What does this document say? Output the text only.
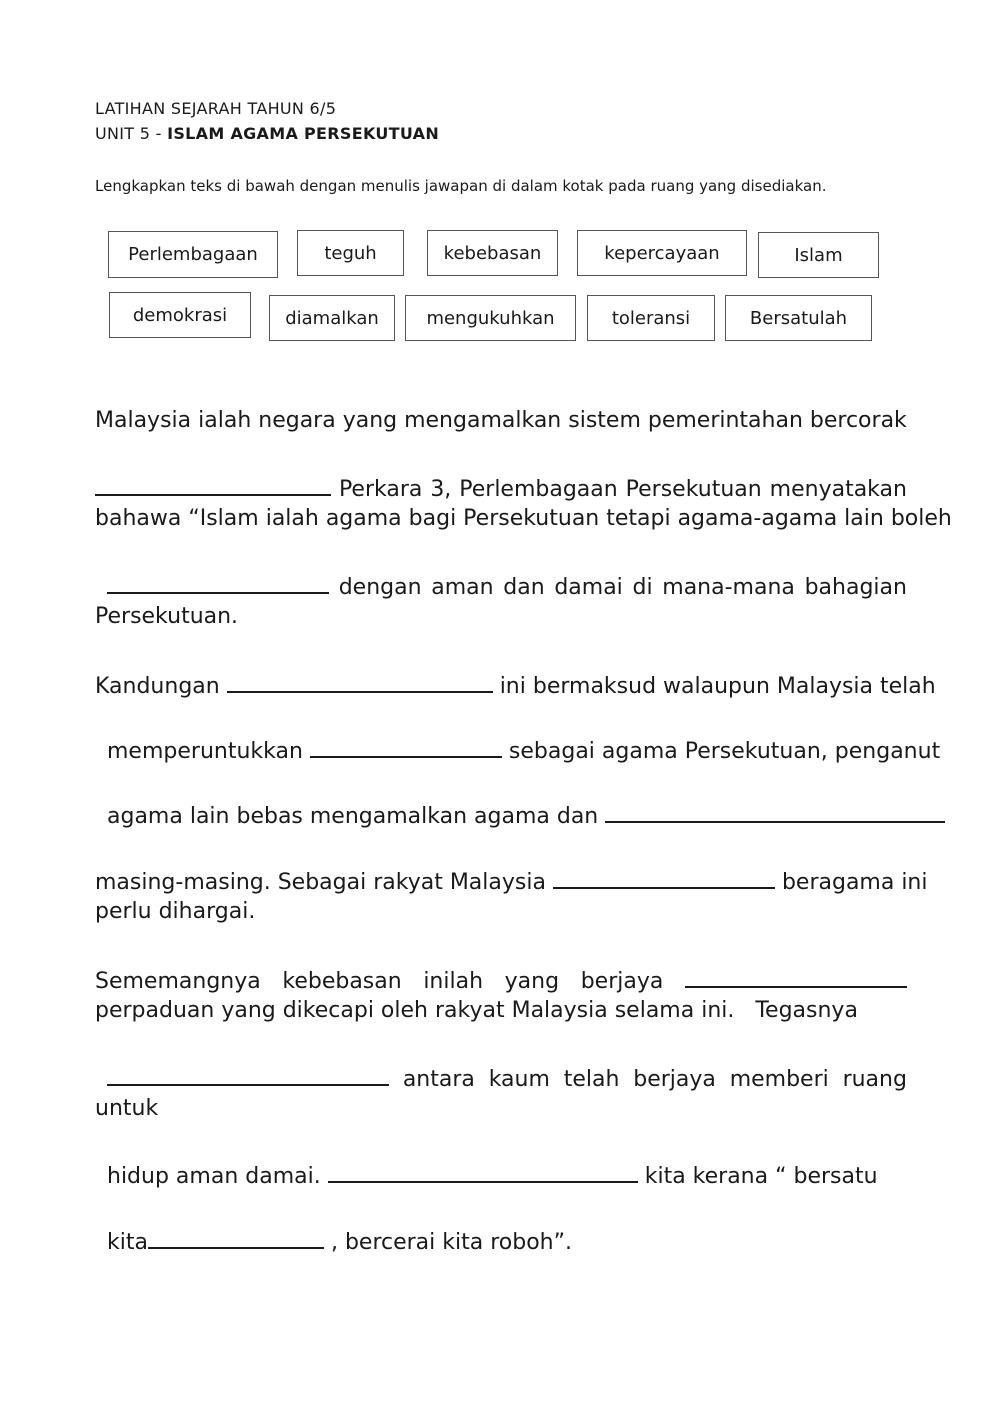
LATIHAN SEJARAH TAHUN 6/5
UNIT 5 - ISLAM AGAMA PERSEKUTUAN
Lengkapkan teks di bawah dengan menulis jawapan di dalam kotak pada ruang yang disediakan.
Perlembagaan	teguh	kebebasan	kepercayaan	Islam
demokrasi	diamalkan	mengukuhkan	toleransi	Bersatulah
Malaysia ialah negara yang mengamalkan sistem pemerintahan bercorak
Perkara 3, Perlembagaan Persekutuan menyatakan
bahawa “Islam ialah agama bagi Persekutuan tetapi agama-agama lain boleh
dengan aman dan damai di mana-mana bahagian
Persekutuan.
Kandungan	ini bermaksud walaupun Malaysia telah
memperuntukkan	sebagai agama Persekutuan, penganut
agama lain bebas mengamalkan agama dan
masing-masing. Sebagai rakyat Malaysia	beragama ini
perlu dihargai.
Sememangnya kebebasan inilah yang berjaya
perpaduan yang dikecapi oleh rakyat Malaysia selama ini.   Tegasnya
antara kaum telah berjaya memberi ruang
untuk
hidup aman damai.	kita kerana “ bersatu
kita	, bercerai kita roboh”.
